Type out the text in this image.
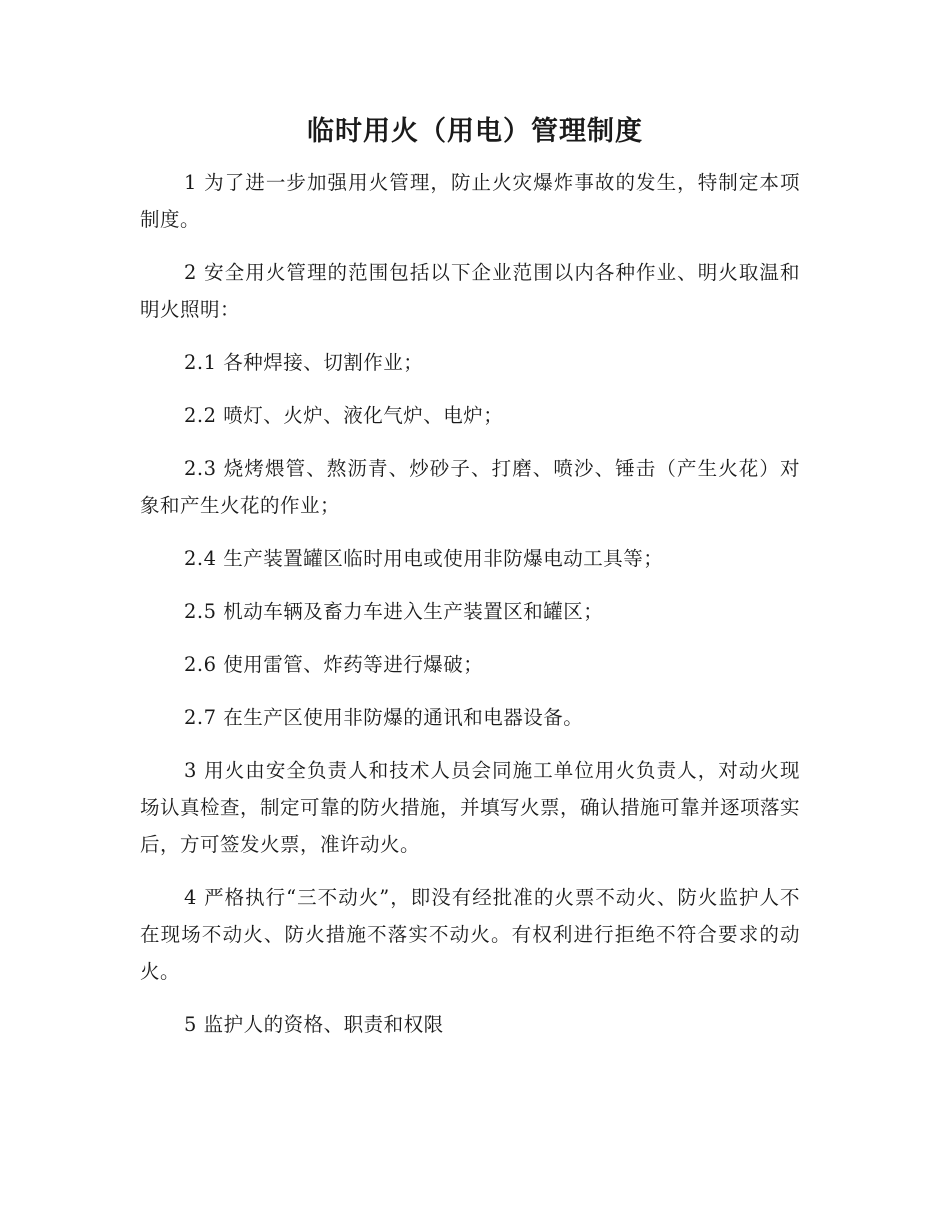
临时用火（用电）管理制度

1 为了进一步加强用火管理，防止火灾爆炸事故的发生，特制定本项制度。

2 安全用火管理的范围包括以下企业范围以内各种作业、明火取温和明火照明：

2.1 各种焊接、切割作业；

2.2 喷灯、火炉、液化气炉、电炉；

2.3 烧烤煨管、熬沥青、炒砂子、打磨、喷沙、锤击（产生火花）对象和产生火花的作业；

2.4 生产装置罐区临时用电或使用非防爆电动工具等；

2.5 机动车辆及畜力车进入生产装置区和罐区；

2.6 使用雷管、炸药等进行爆破；

2.7 在生产区使用非防爆的通讯和电器设备。

3 用火由安全负责人和技术人员会同施工单位用火负责人，对动火现场认真检查，制定可靠的防火措施，并填写火票，确认措施可靠并逐项落实后，方可签发火票，准许动火。

4 严格执行“三不动火”，即没有经批准的火票不动火、防火监护人不在现场不动火、防火措施不落实不动火。有权利进行拒绝不符合要求的动火。

5 监护人的资格、职责和权限
